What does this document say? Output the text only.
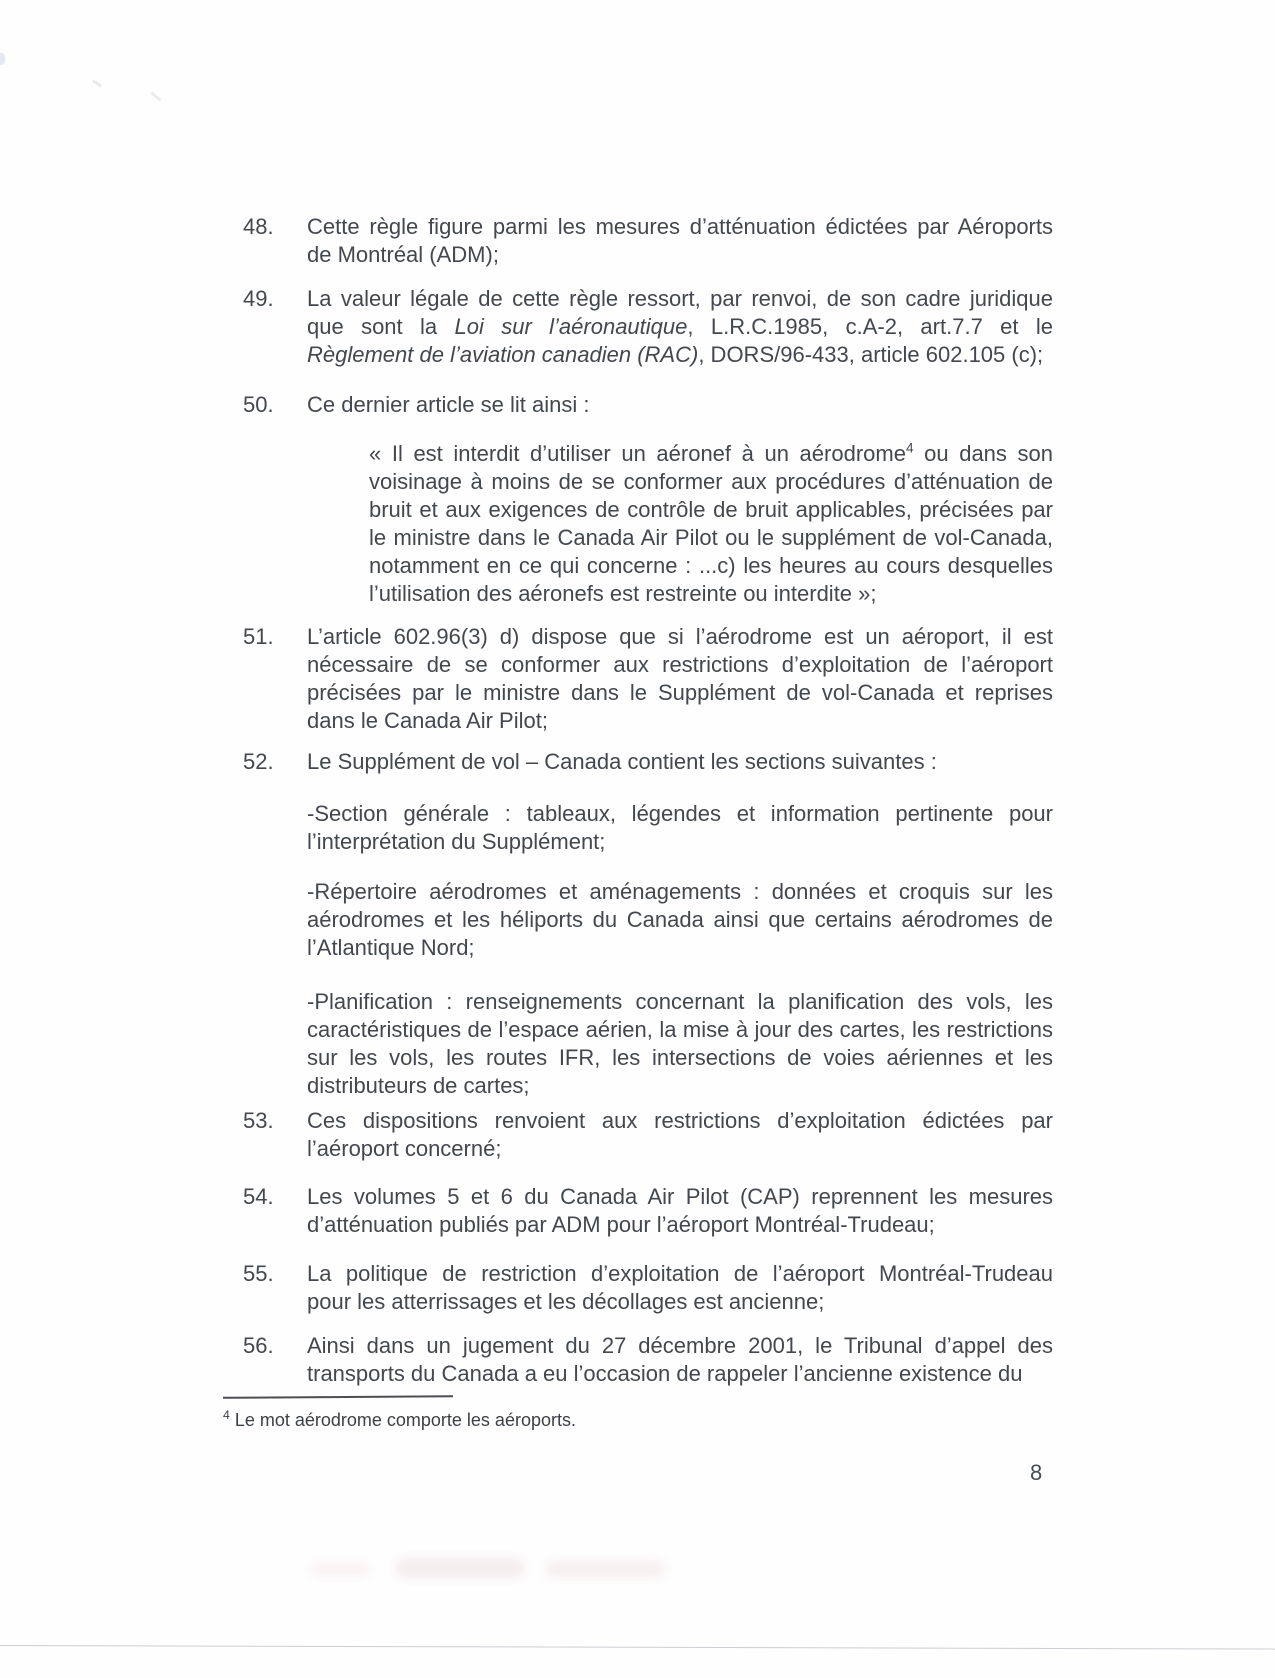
48. Cette règle figure parmi les mesures d’atténuation édictées par Aéroports
de Montréal (ADM);
49. La valeur légale de cette règle ressort, par renvoi, de son cadre juridique
que sont la Loi sur l’aéronautique, L.R.C.1985, c.A-2, art.7.7 et le
Règlement de l’aviation canadien (RAC), DORS/96-433, article 602.105 (c);
50. Ce dernier article se lit ainsi :
« Il est interdit d’utiliser un aéronef à un aérodrome$^4$ ou dans son
voisinage à moins de se conformer aux procédures d’atténuation de
bruit et aux exigences de contrôle de bruit applicables, précisées par
le ministre dans le Canada Air Pilot ou le supplément de vol-Canada,
notamment en ce qui concerne : ...c) les heures au cours desquelles
l’utilisation des aéronefs est restreinte ou interdite »;
51. L’article 602.96(3) d) dispose que si l’aérodrome est un aéroport, il est
nécessaire de se conformer aux restrictions d’exploitation de l’aéroport
précisées par le ministre dans le Supplément de vol-Canada et reprises
dans le Canada Air Pilot;
52. Le Supplément de vol – Canada contient les sections suivantes :
-Section générale : tableaux, légendes et information pertinente pour
l’interprétation du Supplément;
-Répertoire aérodromes et aménagements : données et croquis sur les
aérodromes et les héliports du Canada ainsi que certains aérodromes de
l’Atlantique Nord;
-Planification : renseignements concernant la planification des vols, les
caractéristiques de l’espace aérien, la mise à jour des cartes, les restrictions
sur les vols, les routes IFR, les intersections de voies aériennes et les
distributeurs de cartes;
53. Ces dispositions renvoient aux restrictions d’exploitation édictées par
l’aéroport concerné;
54. Les volumes 5 et 6 du Canada Air Pilot (CAP) reprennent les mesures
d’atténuation publiés par ADM pour l’aéroport Montréal-Trudeau;
55. La politique de restriction d’exploitation de l’aéroport Montréal-Trudeau
pour les atterrissages et les décollages est ancienne;
56. Ainsi dans un jugement du 27 décembre 2001, le Tribunal d’appel des
transports du Canada a eu l’occasion de rappeler l’ancienne existence du
$^4$ Le mot aérodrome comporte les aéroports.
8
